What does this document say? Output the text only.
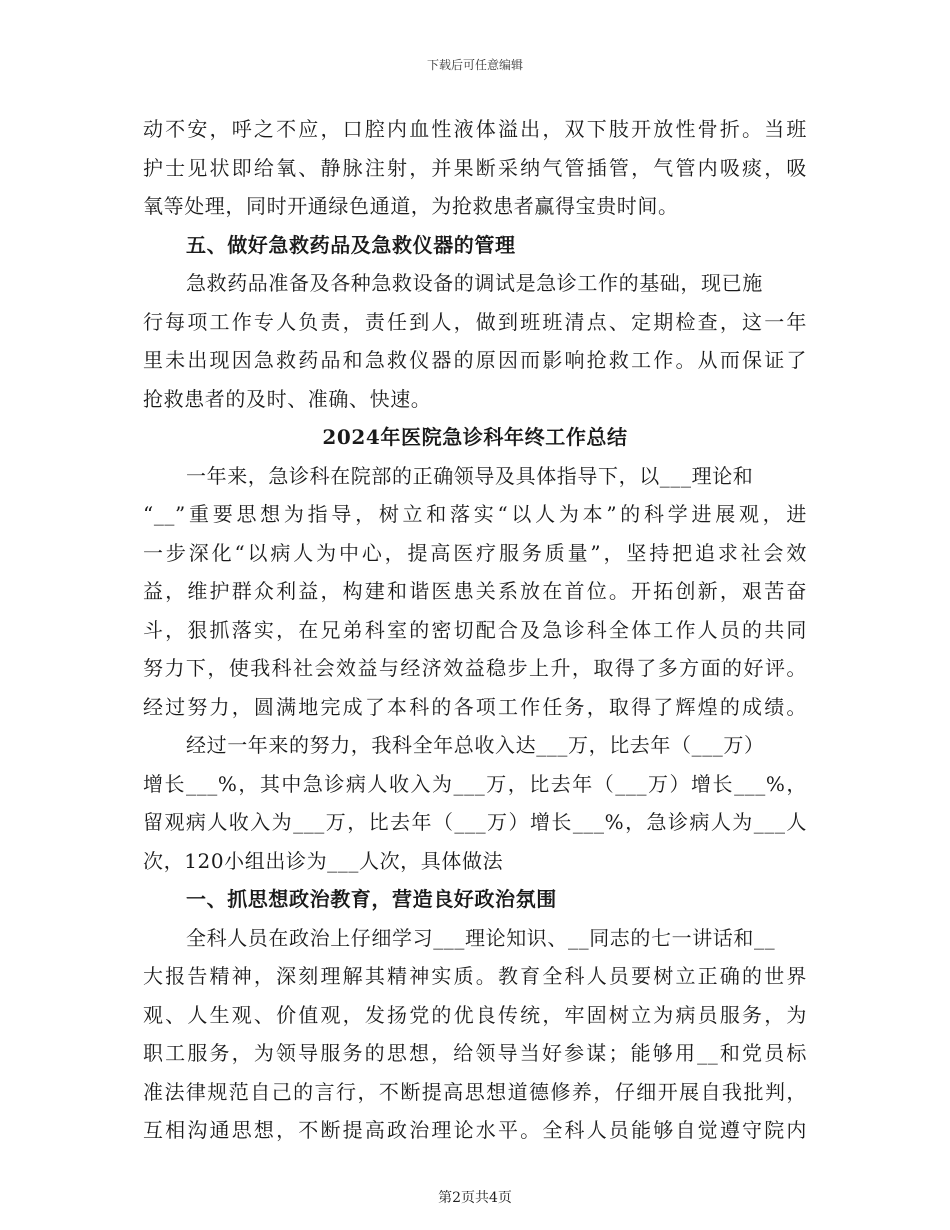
下载后可任意编辑
动不安，呼之不应，口腔内血性液体溢出，双下肢开放性骨折。当班
护士见状即给氧、静脉注射，并果断采纳气管插管，气管内吸痰，吸
氧等处理，同时开通绿色通道，为抢救患者赢得宝贵时间。
五、做好急救药品及急救仪器的管理
急救药品准备及各种急救设备的调试是急诊工作的基础，现已施
行每项工作专人负责，责任到人，做到班班清点、定期检查，这一年
里未出现因急救药品和急救仪器的原因而影响抢救工作。从而保证了
抢救患者的及时、准确、快速。
2024年医院急诊科年终工作总结
一年来，急诊科在院部的正确领导及具体指导下，以___理论和
“__”重要思想为指导，树立和落实“以人为本”的科学进展观，进
一步深化“以病人为中心，提高医疗服务质量”，坚持把追求社会效
益，维护群众利益，构建和谐医患关系放在首位。开拓创新，艰苦奋
斗，狠抓落实，在兄弟科室的密切配合及急诊科全体工作人员的共同
努力下，使我科社会效益与经济效益稳步上升，取得了多方面的好评。
经过努力，圆满地完成了本科的各项工作任务，取得了辉煌的成绩。
经过一年来的努力，我科全年总收入达___万，比去年（___万）
增长___%，其中急诊病人收入为___万，比去年（___万）增长___%，
留观病人收入为___万，比去年（___万）增长___%，急诊病人为___人
次，120小组出诊为___人次，具体做法
一、抓思想政治教育，营造良好政治氛围
全科人员在政治上仔细学习___理论知识、__同志的七一讲话和__
大报告精神，深刻理解其精神实质。教育全科人员要树立正确的世界
观、人生观、价值观，发扬党的优良传统，牢固树立为病员服务，为
职工服务，为领导服务的思想，给领导当好参谋；能够用__和党员标
准法律规范自己的言行，不断提高思想道德修养，仔细开展自我批判，
互相沟通思想，不断提高政治理论水平。全科人员能够自觉遵守院内
第2页共4页
